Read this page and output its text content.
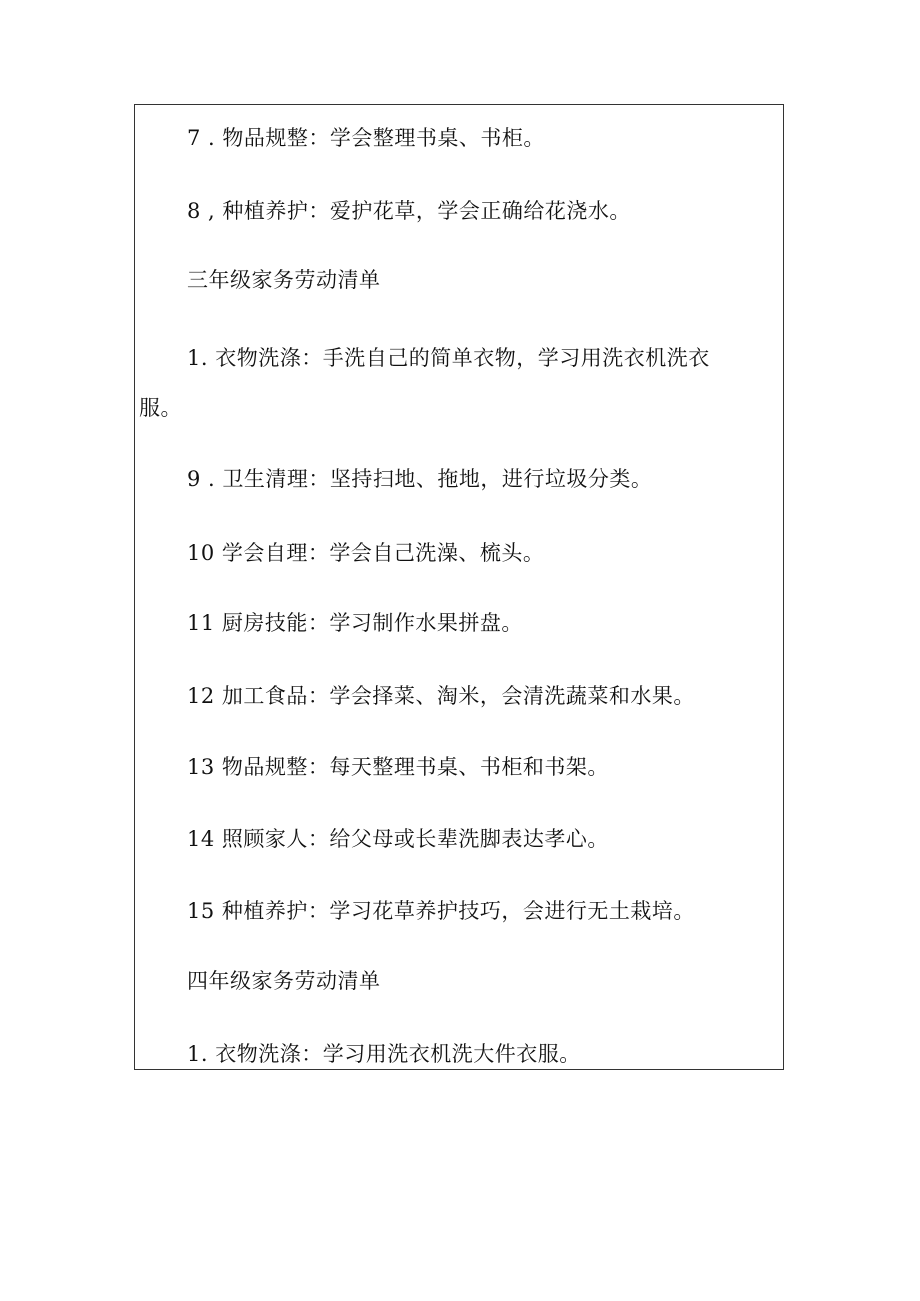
7 . 物品规整：学会整理书桌、书柜。
8 , 种植养护：爱护花草，学会正确给花浇水。
三年级家务劳动清单
1. 衣物洗涤：手洗自己的简单衣物，学习用洗衣机洗衣
服。
9 . 卫生清理：坚持扫地、拖地，进行垃圾分类。
10 学会自理：学会自己洗澡、梳头。
11 厨房技能：学习制作水果拼盘。
12 加工食品：学会择菜、淘米，会清洗蔬菜和水果。
13 物品规整：每天整理书桌、书柜和书架。
14 照顾家人：给父母或长辈洗脚表达孝心。
15 种植养护：学习花草养护技巧，会进行无土栽培。
四年级家务劳动清单
1. 衣物洗涤：学习用洗衣机洗大件衣服。
